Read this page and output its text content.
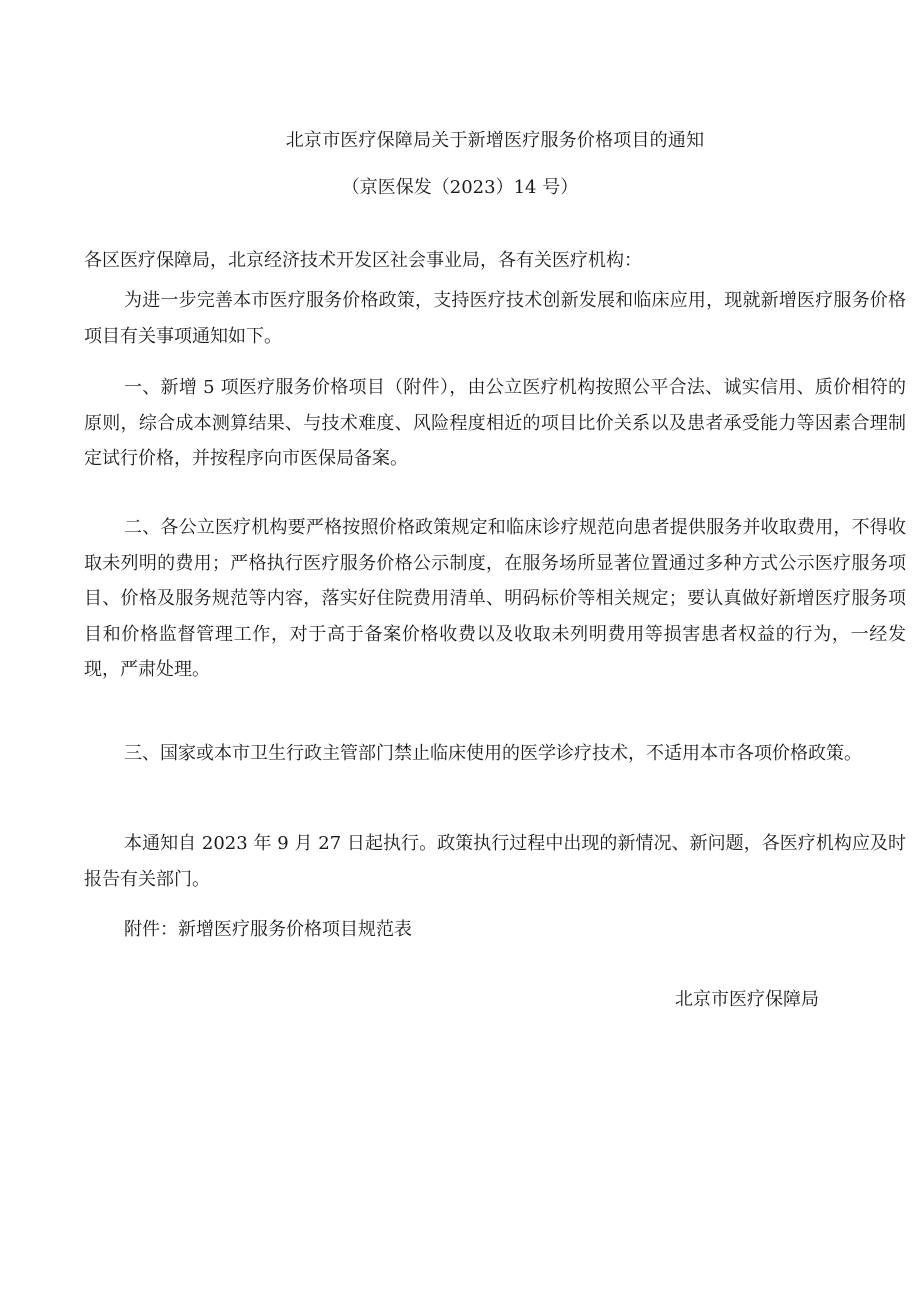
北京市医疗保障局关于新增医疗服务价格项目的通知
（京医保发（2023）14 号）

各区医疗保障局，北京经济技术开发区社会事业局，各有关医疗机构：

为进一步完善本市医疗服务价格政策，支持医疗技术创新发展和临床应用，现就新增医疗服务价格项目有关事项通知如下。

一、新增 5 项医疗服务价格项目（附件），由公立医疗机构按照公平合法、诚实信用、质价相符的原则，综合成本测算结果、与技术难度、风险程度相近的项目比价关系以及患者承受能力等因素合理制定试行价格，并按程序向市医保局备案。

二、各公立医疗机构要严格按照价格政策规定和临床诊疗规范向患者提供服务并收取费用，不得收取未列明的费用；严格执行医疗服务价格公示制度，在服务场所显著位置通过多种方式公示医疗服务项目、价格及服务规范等内容，落实好住院费用清单、明码标价等相关规定；要认真做好新增医疗服务项目和价格监督管理工作，对于高于备案价格收费以及收取未列明费用等损害患者权益的行为，一经发现，严肃处理。

三、国家或本市卫生行政主管部门禁止临床使用的医学诊疗技术，不适用本市各项价格政策。

本通知自 2023 年 9 月 27 日起执行。政策执行过程中出现的新情况、新问题，各医疗机构应及时报告有关部门。

附件：新增医疗服务价格项目规范表

北京市医疗保障局
